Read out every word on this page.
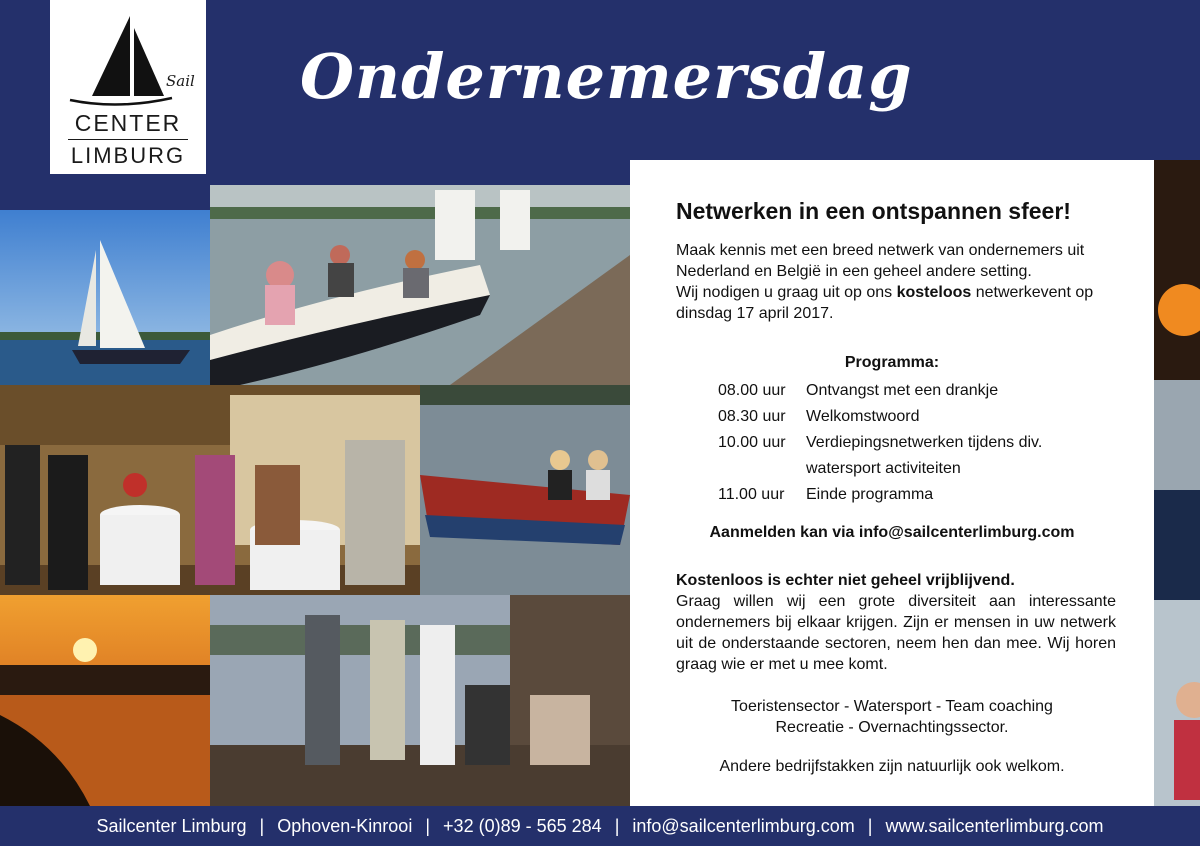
Sail
CENTER
LIMBURG
Ondernemersdag
Netwerken in een ontspannen sfeer!
Maak kennis met een breed netwerk van ondernemers uit Nederland en België in een geheel andere setting.
Wij nodigen u graag uit op ons kosteloos netwerkevent op dinsdag 17 april 2017.
Programma:
08.00 uur Ontvangst met een drankje
08.30 uur Welkomstwoord
10.00 uur Verdiepingsnetwerken tijdens div.
watersport activiteiten
11.00 uur Einde programma
Aanmelden kan via info@sailcenterlimburg.com
Kostenloos is echter niet geheel vrijblijvend.
Graag willen wij een grote diversiteit aan interessante ondernemers bij elkaar krijgen. Zijn er mensen in uw netwerk uit de onderstaande sectoren, neem hen dan mee. Wij horen graag wie er met u mee komt.
Toeristensector - Watersport - Team coaching
Recreatie - Overnachtingssector.
Andere bedrijfstakken zijn natuurlijk ook welkom.
Sailcenter Limburg | Ophoven-Kinrooi | +32 (0)89 - 565 284 | info@sailcenterlimburg.com | www.sailcenterlimburg.com
